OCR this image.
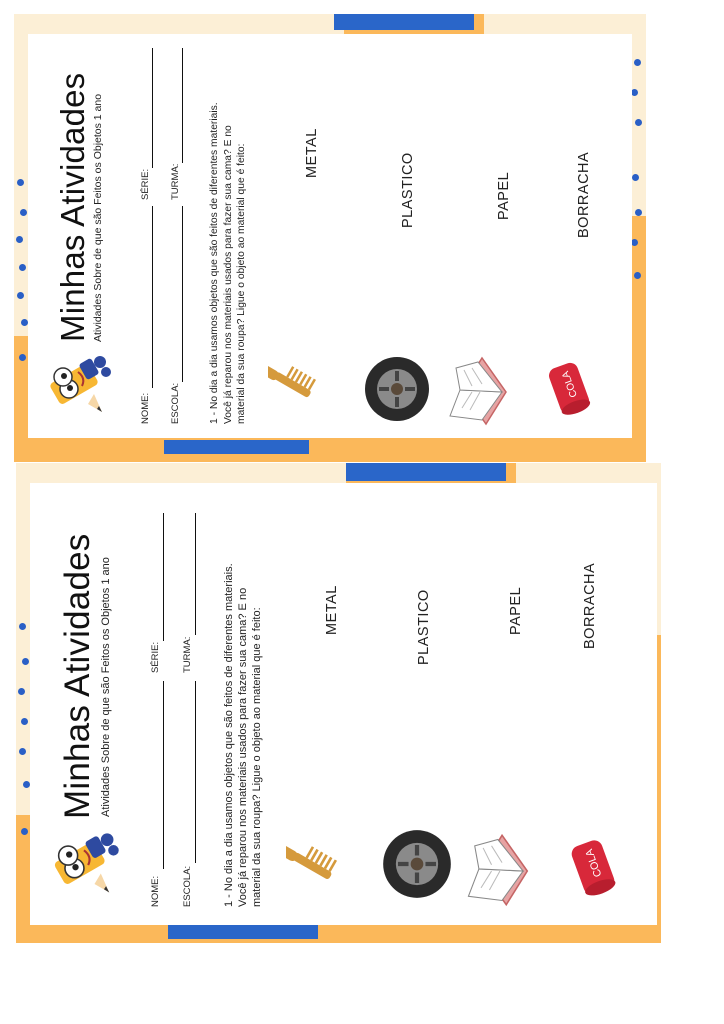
Minhas Atividades Atividades Sobre de que são Feitos os Objetos 1 ano
NOME:
SÉRIE:
ESCOLA:
TURMA:	1 - No dia a dia usamos objetos que são feitos de diferentes materiais. Você já reparou nos materiais usados para fazer sua cama? E no material da sua roupa? Ligue o objeto ao material que é feito:	METAL	PLASTICO	PAPEL
COLA
BORRACHA
Minhas Atividades Atividades Sobre de que são Feitos os Objetos 1 ano
NOME:
SÉRIE:
ESCOLA:
TURMA:	1 - No dia a dia usamos objetos que são feitos de diferentes materiais. Você já reparou nos materiais usados para fazer sua cama? E no material da sua roupa? Ligue o objeto ao material que é feito:	METAL	PLASTICO	PAPEL
COLA
BORRACHA
